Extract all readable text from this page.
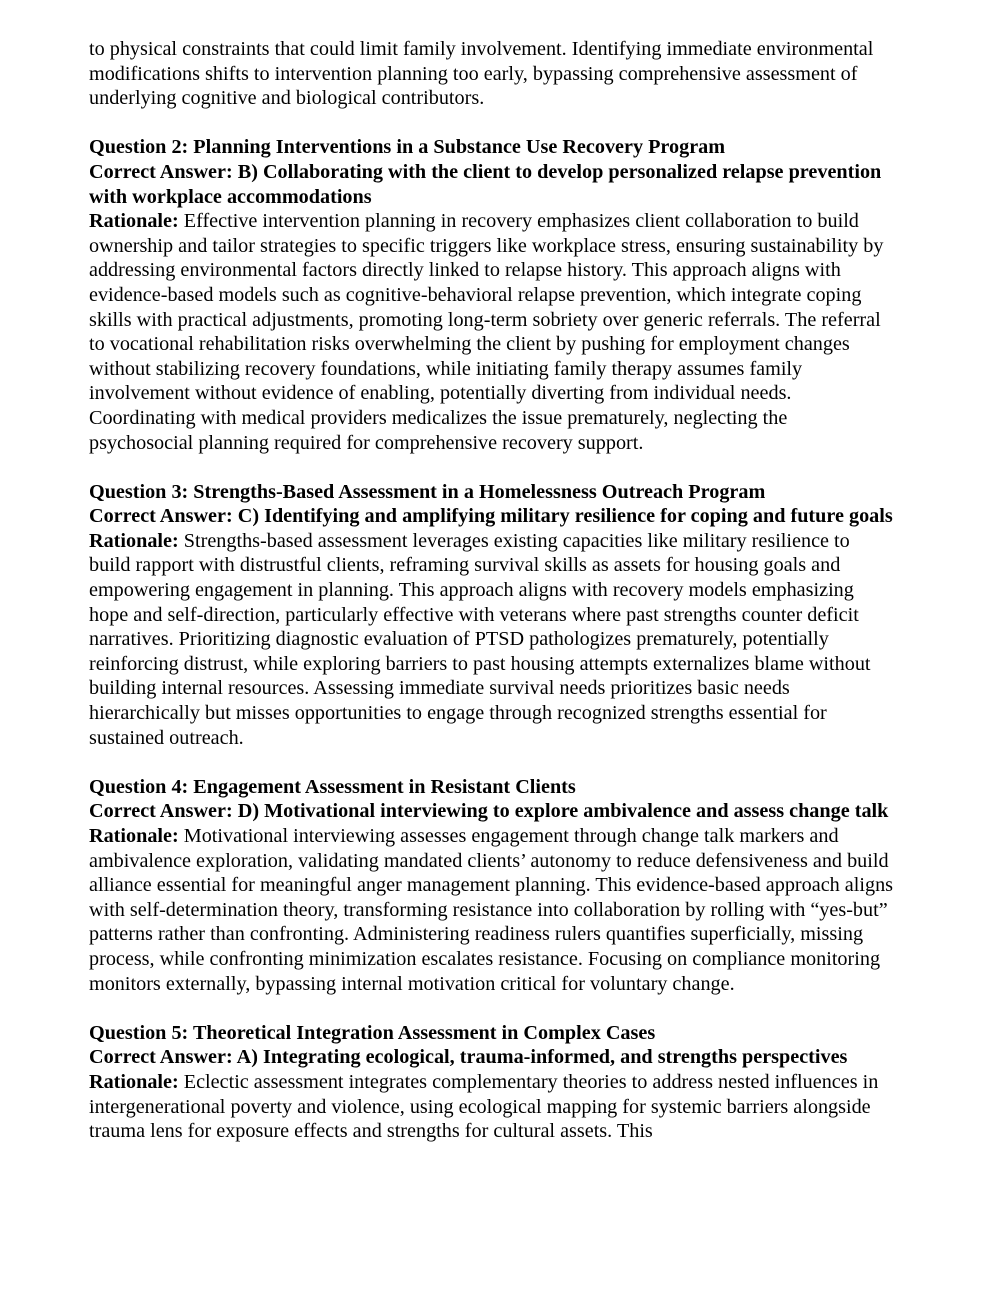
to physical constraints that could limit family involvement. Identifying immediate environmental modifications shifts to intervention planning too early, bypassing comprehensive assessment of underlying cognitive and biological contributors.

Question 2: Planning Interventions in a Substance Use Recovery Program

Correct Answer: B) Collaborating with the client to develop personalized relapse prevention with workplace accommodations

Rationale: Effective intervention planning in recovery emphasizes client collaboration to build ownership and tailor strategies to specific triggers like workplace stress, ensuring sustainability by addressing environmental factors directly linked to relapse history. This approach aligns with evidence-based models such as cognitive-behavioral relapse prevention, which integrate coping skills with practical adjustments, promoting long-term sobriety over generic referrals. The referral to vocational rehabilitation risks overwhelming the client by pushing for employment changes without stabilizing recovery foundations, while initiating family therapy assumes family involvement without evidence of enabling, potentially diverting from individual needs. Coordinating with medical providers medicalizes the issue prematurely, neglecting the psychosocial planning required for comprehensive recovery support.

Question 3: Strengths-Based Assessment in a Homelessness Outreach Program

Correct Answer: C) Identifying and amplifying military resilience for coping and future goals

Rationale: Strengths-based assessment leverages existing capacities like military resilience to build rapport with distrustful clients, reframing survival skills as assets for housing goals and empowering engagement in planning. This approach aligns with recovery models emphasizing hope and self-direction, particularly effective with veterans where past strengths counter deficit narratives. Prioritizing diagnostic evaluation of PTSD pathologizes prematurely, potentially reinforcing distrust, while exploring barriers to past housing attempts externalizes blame without building internal resources. Assessing immediate survival needs prioritizes basic needs hierarchically but misses opportunities to engage through recognized strengths essential for sustained outreach.

Question 4: Engagement Assessment in Resistant Clients

Correct Answer: D) Motivational interviewing to explore ambivalence and assess change talk

Rationale: Motivational interviewing assesses engagement through change talk markers and ambivalence exploration, validating mandated clients’ autonomy to reduce defensiveness and build alliance essential for meaningful anger management planning. This evidence-based approach aligns with self-determination theory, transforming resistance into collaboration by rolling with “yes-but” patterns rather than confronting. Administering readiness rulers quantifies superficially, missing process, while confronting minimization escalates resistance. Focusing on compliance monitoring monitors externally, bypassing internal motivation critical for voluntary change.

Question 5: Theoretical Integration Assessment in Complex Cases

Correct Answer: A) Integrating ecological, trauma-informed, and strengths perspectives

Rationale: Eclectic assessment integrates complementary theories to address nested influences in intergenerational poverty and violence, using ecological mapping for systemic barriers alongside trauma lens for exposure effects and strengths for cultural assets. This
